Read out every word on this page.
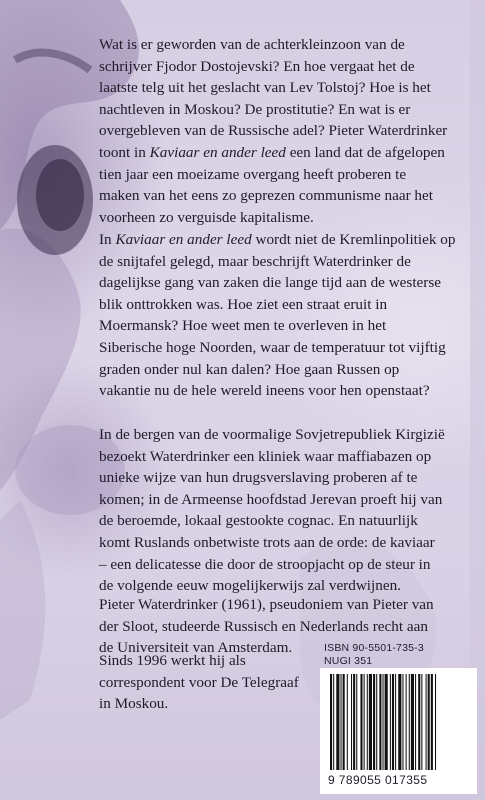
Wat is er geworden van de achterkleinzoon van de
schrijver Fjodor Dostojevski? En hoe vergaat het de
laatste telg uit het geslacht van Lev Tolstoj? Hoe is het
nachtleven in Moskou? De prostitutie? En wat is er
overgebleven van de Russische adel? Pieter Waterdrinker
toont in Kaviaar en ander leed een land dat de afgelopen
tien jaar een moeizame overgang heeft proberen te
maken van het eens zo geprezen communisme naar het
voorheen zo verguisde kapitalisme.

In Kaviaar en ander leed wordt niet de Kremlinpolitiek op
de snijtafel gelegd, maar beschrijft Waterdrinker de
dagelijkse gang van zaken die lange tijd aan de westerse
blik onttrokken was. Hoe ziet een straat eruit in
Moermansk? Hoe weet men te overleven in het
Siberische hoge Noorden, waar de temperatuur tot vijftig
graden onder nul kan dalen? Hoe gaan Russen op
vakantie nu de hele wereld ineens voor hen openstaat?

In de bergen van de voormalige Sovjetrepubliek Kirgizië
bezoekt Waterdrinker een kliniek waar maffiabazen op
unieke wijze van hun drugsverslaving proberen af te
komen; in de Armeense hoofdstad Jerevan proeft hij van
de beroemde, lokaal gestookte cognac. En natuurlijk
komt Ruslands onbetwiste trots aan de orde: de kaviaar
– een delicatesse die door de stroopjacht op de steur in
de volgende eeuw mogelijkerwijs zal verdwijnen.

Pieter Waterdrinker (1961), pseudoniem van Pieter van
der Sloot, studeerde Russisch en Nederlands recht aan
de Universiteit van Amsterdam.

Sinds 1996 werkt hij als
correspondent voor De Telegraaf
in Moskou.

ISBN 90-5501-735-3
NUGI 351
9 789055 017355
